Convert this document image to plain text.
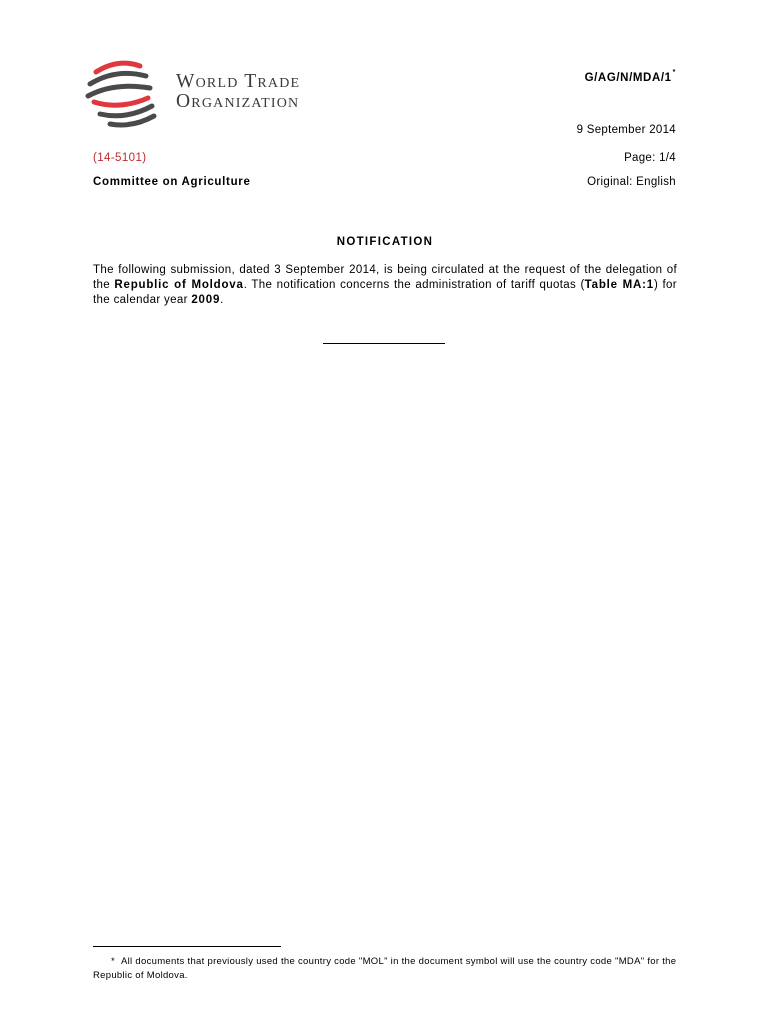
World Trade
Organization
G/AG/N/MDA/1*
9 September 2014
(14-5101)	Page: 1/4
Committee on Agriculture	Original: English
NOTIFICATION
The following submission, dated 3 September 2014, is being circulated at the request of the delegation of the Republic of Moldova. The notification concerns the administration of tariff quotas (Table MA:1) for the calendar year 2009.
* All documents that previously used the country code "MOL" in the document symbol will use the country code "MDA" for the Republic of Moldova.
